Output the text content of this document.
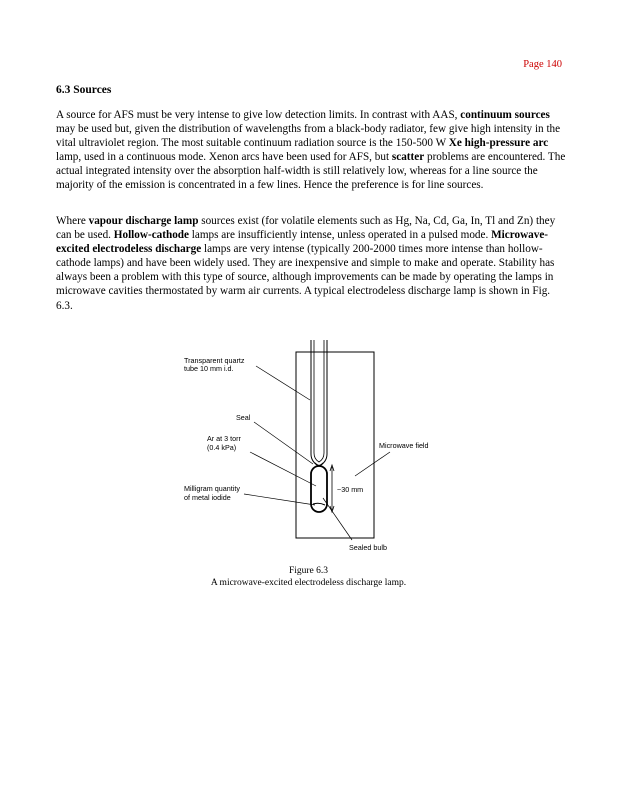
Page 140
6.3 Sources

A source for AFS must be very intense to give low detection limits. In contrast with AAS, continuum sources may be used but, given the distribution of wavelengths from a black-body radiator, few give high intensity in the vital ultraviolet region. The most suitable continuum radiation source is the 150-500 W Xe high-pressure arc lamp, used in a continuous mode. Xenon arcs have been used for AFS, but scatter problems are encountered. The actual integrated intensity over the absorption half-width is still relatively low, whereas for a line source the majority of the emission is concentrated in a few lines. Hence the preference is for line sources.

Where vapour discharge lamp sources exist (for volatile elements such as Hg, Na, Cd, Ga, In, Tl and Zn) they can be used. Hollow-cathode lamps are insufficiently intense, unless operated in a pulsed mode. Microwave-excited electrodeless discharge lamps are very intense (typically 200-2000 times more intense than hollow-cathode lamps) and have been widely used. They are inexpensive and simple to make and operate. Stability has always been a problem with this type of source, although improvements can be made by operating the lamps in microwave cavities thermostated by warm air currents. A typical electrodeless discharge lamp is shown in Fig. 6.3.

Transparent quartz
tube 10 mm i.d.
Seal
Ar at 3 torr
(0.4 kPa)	Microwave field
Milligram quantity
of metal iodide
~30 mm
Sealed bulb
Figure 6.3
A microwave-excited electrodeless discharge lamp.
